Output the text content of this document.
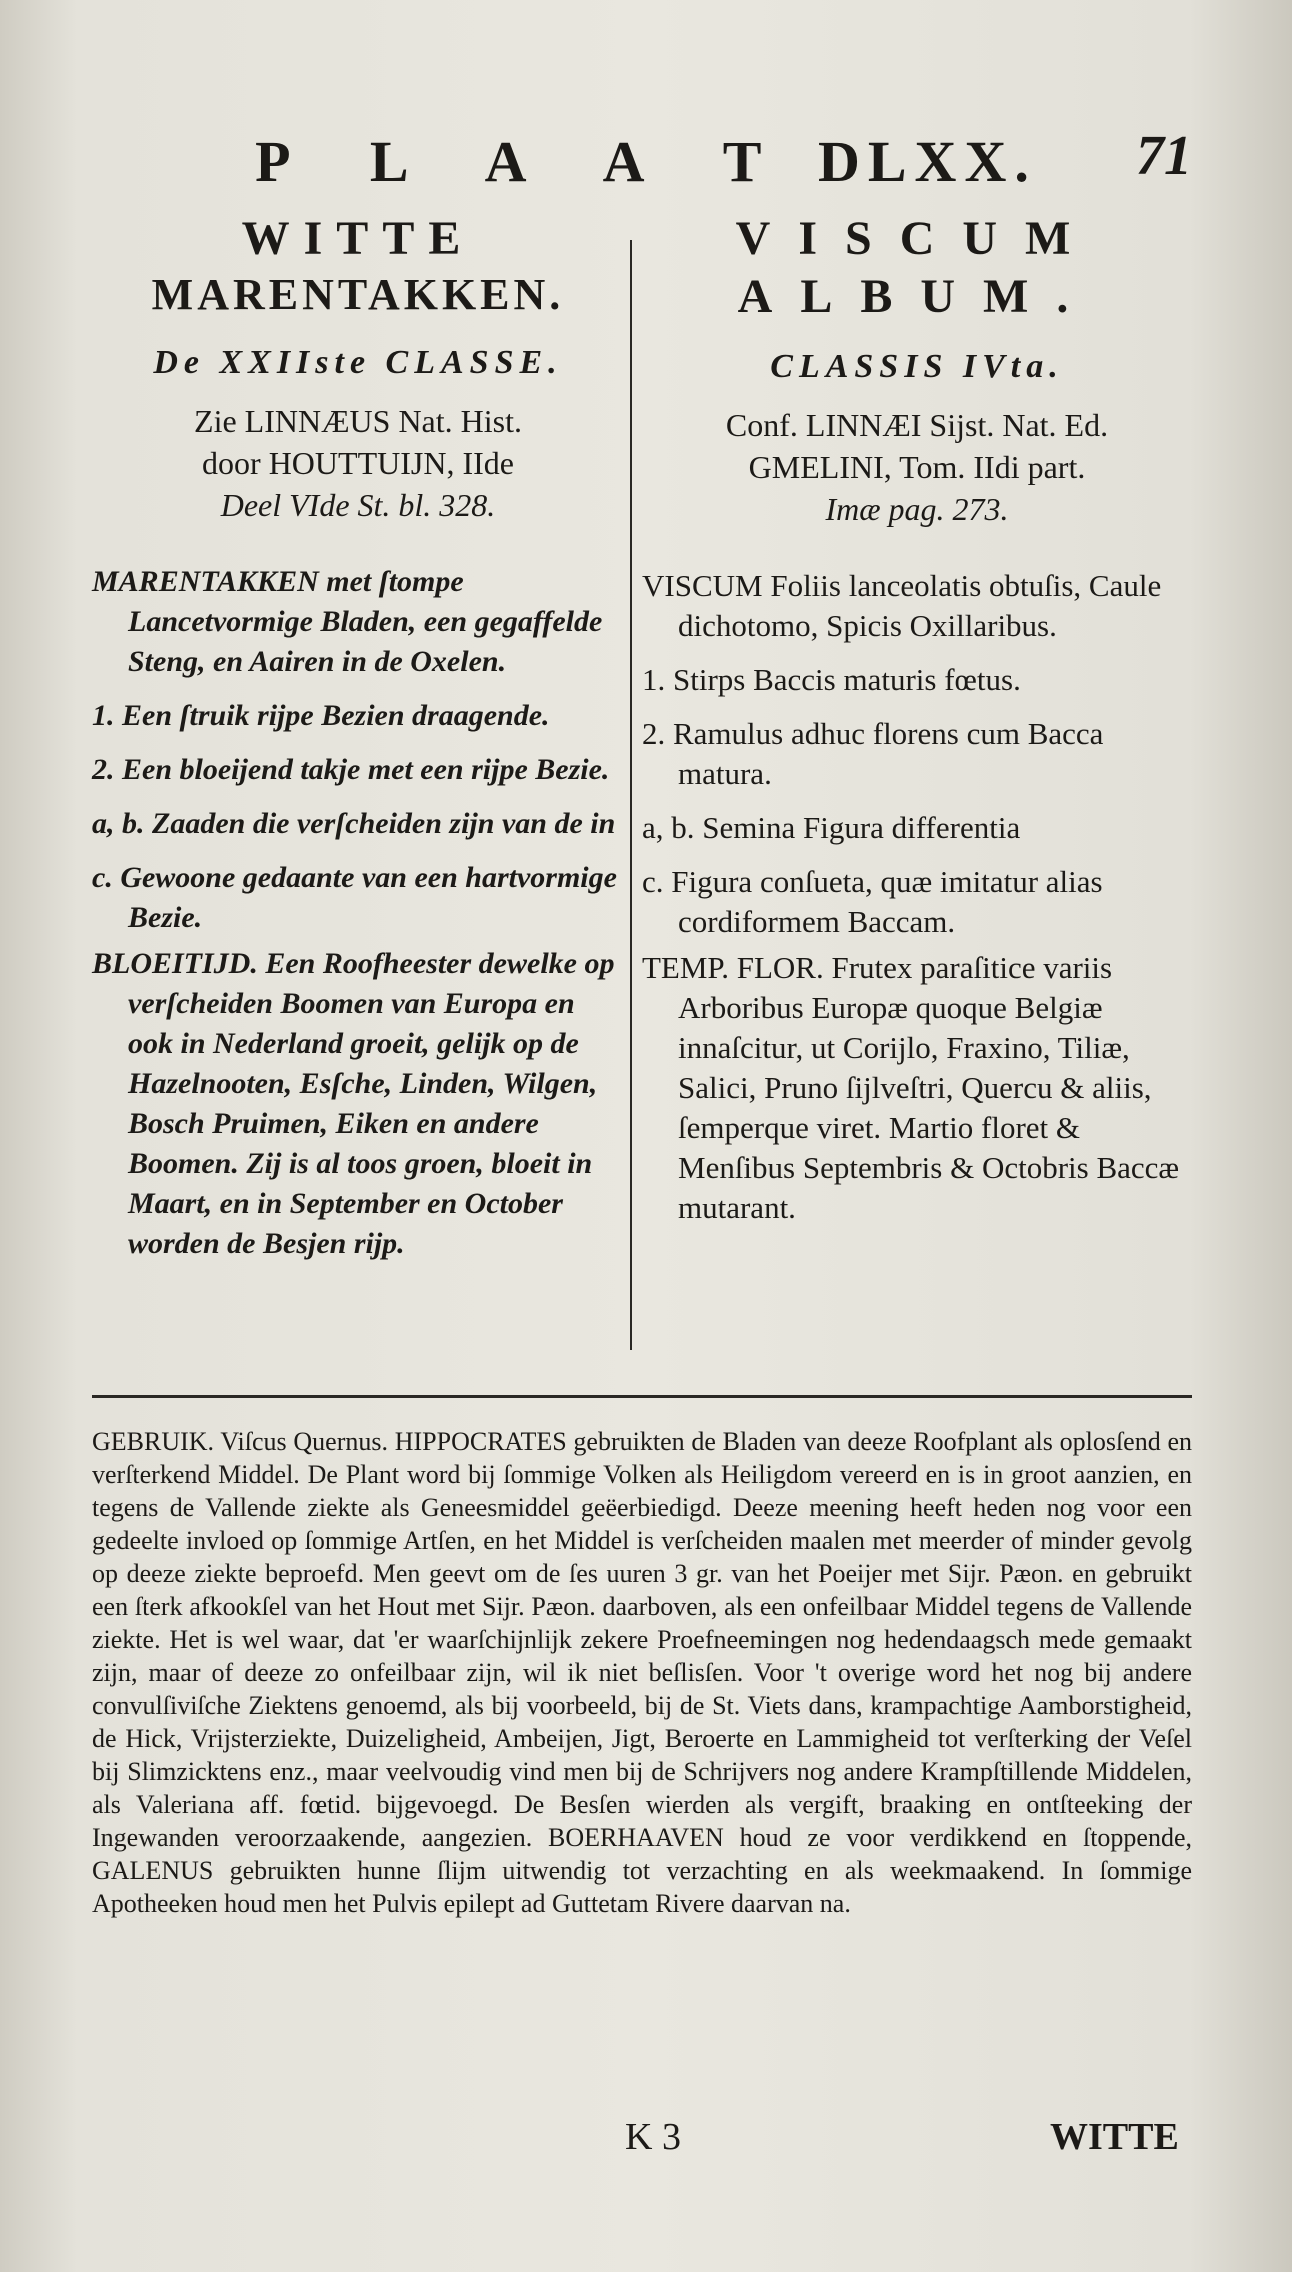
P L A A T DLXX.	71
WITTE
MARENTAKKEN.
De XXIIste CLASSE.
Zie LINNÆUS Nat. Hist.
door HOUTTUIJN, IIde
Deel VIde St. bl. 328.
MARENTAKKEN met ſtompe Lancetvormige Bladen, een gegaffelde Steng, en Aairen in de Oxelen.
1. Een ſtruik rijpe Bezien draagende.
2. Een bloeijend takje met een rijpe Bezie.
a, b. Zaaden die verſcheiden zijn van de in
c. Gewoone gedaante van een hartvormige Bezie.
BLOEITIJD. Een Roofheester dewelke op verſcheiden Boomen van Europa en ook in Nederland groeit, gelijk op de Hazelnooten, Esſche, Linden, Wilgen, Bosch Pruimen, Eiken en andere Boomen. Zij is al toos groen, bloeit in Maart, en in September en October worden de Besjen rijp.
VISCUM
ALBUM.
CLASSIS IVta.
Conf. LINNÆI Sijst. Nat. Ed.
GMELINI, Tom. IIdi part.
Imæ pag. 273.
VISCUM Foliis lanceolatis obtuſis, Caule dichotomo, Spicis Oxillaribus.
1. Stirps Baccis maturis fœtus.
2. Ramulus adhuc florens cum Bacca matura.
a, b. Semina Figura differentia
c. Figura conſueta, quæ imitatur alias cordiformem Baccam.
TEMP. FLOR. Frutex paraſitice variis Arboribus Europæ quoque Belgiæ innaſcitur, ut Corijlo, Fraxino, Tiliæ, Salici, Pruno ſijlveſtri, Quercu & aliis, ſemperque viret. Martio floret & Menſibus Septembris & Octobris Baccæ mutarant.
GEBRUIK. Viſcus Quernus. HIPPOCRATES gebruikten de Bladen van deeze Roofplant als oplosſend en verſterkend Middel. De Plant word bij ſommige Volken als Heiligdom vereerd en is in groot aanzien, en tegens de Vallende ziekte als Geneesmiddel geëerbiedigd. Deeze meening heeft heden nog voor een gedeelte invloed op ſommige Artſen, en het Middel is verſcheiden maalen met meerder of minder gevolg op deeze ziekte beproefd. Men geevt om de ſes uuren 3 gr. van het Poeijer met Sijr. Pæon. en gebruikt een ſterk afkookſel van het Hout met Sijr. Pæon. daarboven, als een onfeilbaar Middel tegens de Vallende ziekte. Het is wel waar, dat 'er waarſchijnlijk zekere Proefneemingen nog hedendaagsch mede gemaakt zijn, maar of deeze zo onfeilbaar zijn, wil ik niet beſlisſen. Voor 't overige word het nog bij andere convulſiviſche Ziektens genoemd, als bij voorbeeld, bij de St. Viets dans, krampachtige Aamborstigheid, de Hick, Vrijsterziekte, Duizeligheid, Ambeijen, Jigt, Beroerte en Lammigheid tot verſterking der Veſel bij Slimzicktens enz., maar veelvoudig vind men bij de Schrijvers nog andere Krampſtillende Middelen, als Valeriana aff. fœtid. bijgevoegd. De Besſen wierden als vergift, braaking en ontſteeking der Ingewanden veroorzaakende, aangezien. BOERHAAVEN houd ze voor verdikkend en ſtoppende, GALENUS gebruikten hunne ſlijm uitwendig tot verzachting en als weekmaakend. In ſommige Apotheeken houd men het Pulvis epilept ad Guttetam Rivere daarvan na.
K 3	WITTE
